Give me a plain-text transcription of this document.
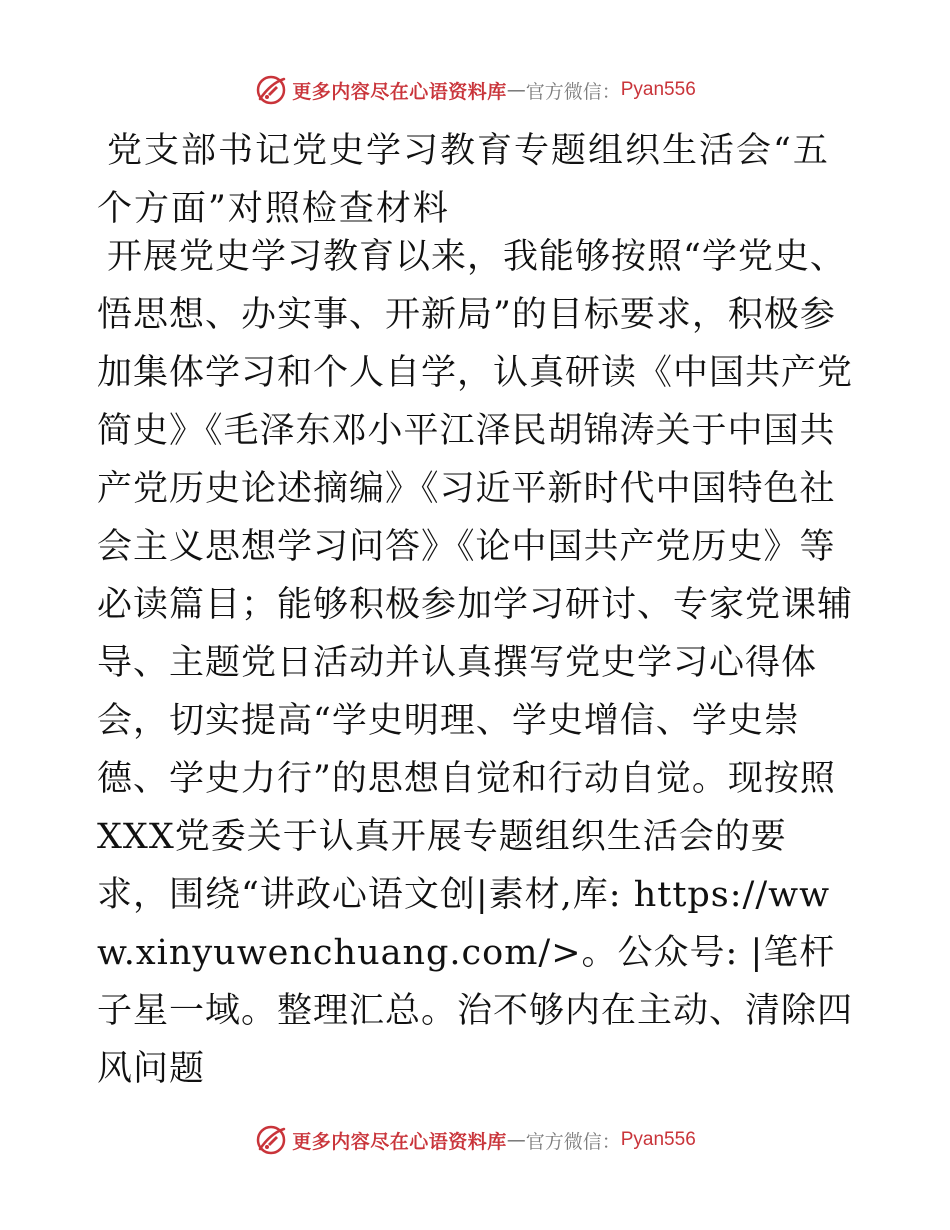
更多内容尽在心语资料库 — 官方微信： Pyan556
党支部书记党史学习教育专题组织生活会“五个方面”对照检查材料

开展党史学习教育以来，我能够按照“学党史、悟思想、办实事、开新局”的目标要求，积极参加集体学习和个人自学，认真研读《中国共产党简史》《毛泽东邓小平江泽民胡锦涛关于中国共产党历史论述摘编》《习近平新时代中国特色社会主义思想学习问答》《论中国共产党历史》等必读篇目；能够积极参加学习研讨、专家党课辅导、主题党日活动并认真撰写党史学习心得体会，切实提高“学史明理、学史增信、学史崇德、学史力行”的思想自觉和行动自觉。现按照XXX党委关于认真开展专题组织生活会的要求，围绕“讲政心语文创|素材,库: https://www.xinyuwenchuang.com/>。公众号: |笔杆子星一域。整理汇总。治不够内在主动、清除四风问题

更多内容尽在心语资料库 — 官方微信： Pyan556
